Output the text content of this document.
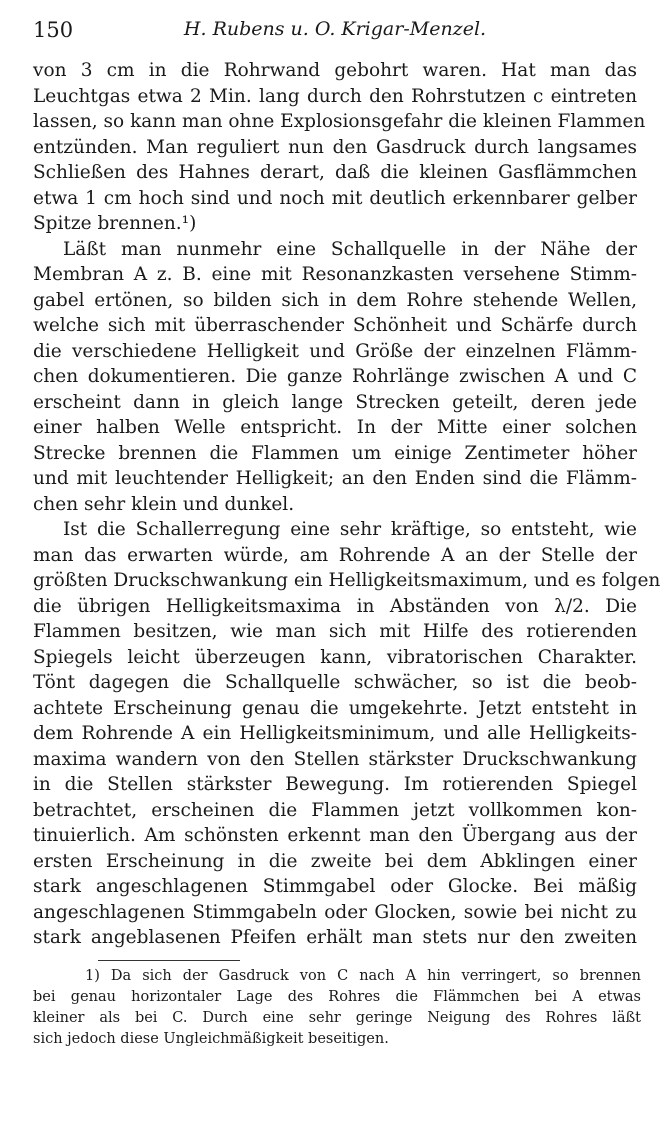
150	H. Rubens u. O. Krigar-Menzel.
von 3 cm in die Rohrwand gebohrt waren. Hat man das
Leuchtgas etwa 2 Min. lang durch den Rohrstutzen c eintreten
lassen, so kann man ohne Explosionsgefahr die kleinen Flammen
entzünden. Man reguliert nun den Gasdruck durch langsames
Schließen des Hahnes derart, daß die kleinen Gasflämmchen
etwa 1 cm hoch sind und noch mit deutlich erkennbarer gelber
Spitze brennen.¹)
Läßt man nunmehr eine Schallquelle in der Nähe der
Membran A z. B. eine mit Resonanzkasten versehene Stimm-
gabel ertönen, so bilden sich in dem Rohre stehende Wellen,
welche sich mit überraschender Schönheit und Schärfe durch
die verschiedene Helligkeit und Größe der einzelnen Flämm-
chen dokumentieren. Die ganze Rohrlänge zwischen A und C
erscheint dann in gleich lange Strecken geteilt, deren jede
einer halben Welle entspricht. In der Mitte einer solchen
Strecke brennen die Flammen um einige Zentimeter höher
und mit leuchtender Helligkeit; an den Enden sind die Flämm-
chen sehr klein und dunkel.
Ist die Schallerregung eine sehr kräftige, so entsteht, wie
man das erwarten würde, am Rohrende A an der Stelle der
größten Druckschwankung ein Helligkeitsmaximum, und es folgen
die übrigen Helligkeitsmaxima in Abständen von λ/2. Die
Flammen besitzen, wie man sich mit Hilfe des rotierenden
Spiegels leicht überzeugen kann, vibratorischen Charakter.
Tönt dagegen die Schallquelle schwächer, so ist die beob-
achtete Erscheinung genau die umgekehrte. Jetzt entsteht in
dem Rohrende A ein Helligkeitsminimum, und alle Helligkeits-
maxima wandern von den Stellen stärkster Druckschwankung
in die Stellen stärkster Bewegung. Im rotierenden Spiegel
betrachtet, erscheinen die Flammen jetzt vollkommen kon-
tinuierlich. Am schönsten erkennt man den Übergang aus der
ersten Erscheinung in die zweite bei dem Abklingen einer
stark angeschlagenen Stimmgabel oder Glocke. Bei mäßig
angeschlagenen Stimmgabeln oder Glocken, sowie bei nicht zu
stark angeblasenen Pfeifen erhält man stets nur den zweiten
1) Da sich der Gasdruck von C nach A hin verringert, so brennen
bei genau horizontaler Lage des Rohres die Flämmchen bei A etwas
kleiner als bei C. Durch eine sehr geringe Neigung des Rohres läßt
sich jedoch diese Ungleichmäßigkeit beseitigen.
